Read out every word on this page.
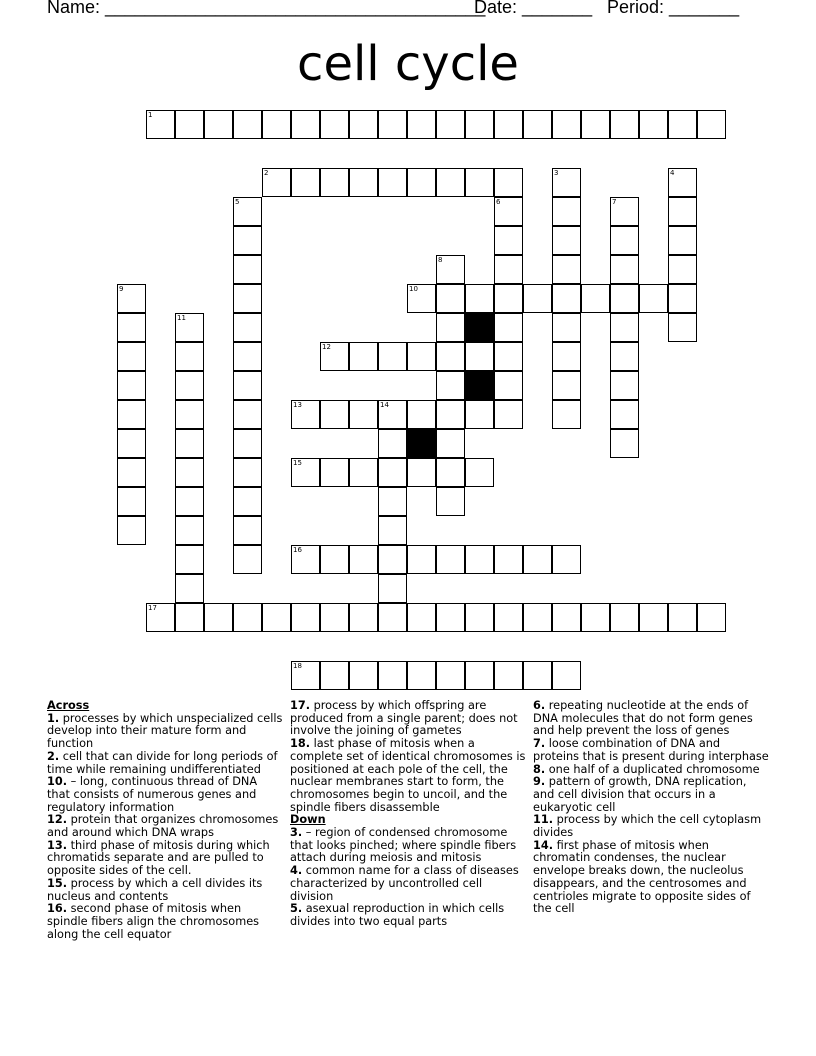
Name: ______________________________________
Date: _______ Period: _______
cell cycle
1
2	3	4
5	6	7
8
9	10
11
12
13	14
15
16
17
18
Across
1. processes by which unspecialized cells develop into their mature form and function
2. cell that can divide for long periods of time while remaining undifferentiated
10. – long, continuous thread of DNA that consists of numerous genes and regulatory information
12. protein that organizes chromosomes and around which DNA wraps
13. third phase of mitosis during which chromatids separate and are pulled to opposite sides of the cell.
15. process by which a cell divides its nucleus and contents
16. second phase of mitosis when spindle fibers align the chromosomes along the cell equator
17. process by which offspring are produced from a single parent; does not involve the joining of gametes
18. last phase of mitosis when a complete set of identical chromosomes is positioned at each pole of the cell, the nuclear membranes start to form, the chromosomes begin to uncoil, and the spindle fibers disassemble
Down
3. – region of condensed chromosome that looks pinched; where spindle fibers attach during meiosis and mitosis
4. common name for a class of diseases characterized by uncontrolled cell division
5. asexual reproduction in which cells divides into two equal parts
6. repeating nucleotide at the ends of DNA molecules that do not form genes and help prevent the loss of genes
7. loose combination of DNA and proteins that is present during interphase
8. one half of a duplicated chromosome
9. pattern of growth, DNA replication, and cell division that occurs in a eukaryotic cell
11. process by which the cell cytoplasm divides
14. first phase of mitosis when chromatin condenses, the nuclear envelope breaks down, the nucleolus disappears, and the centrosomes and centrioles migrate to opposite sides of the cell
